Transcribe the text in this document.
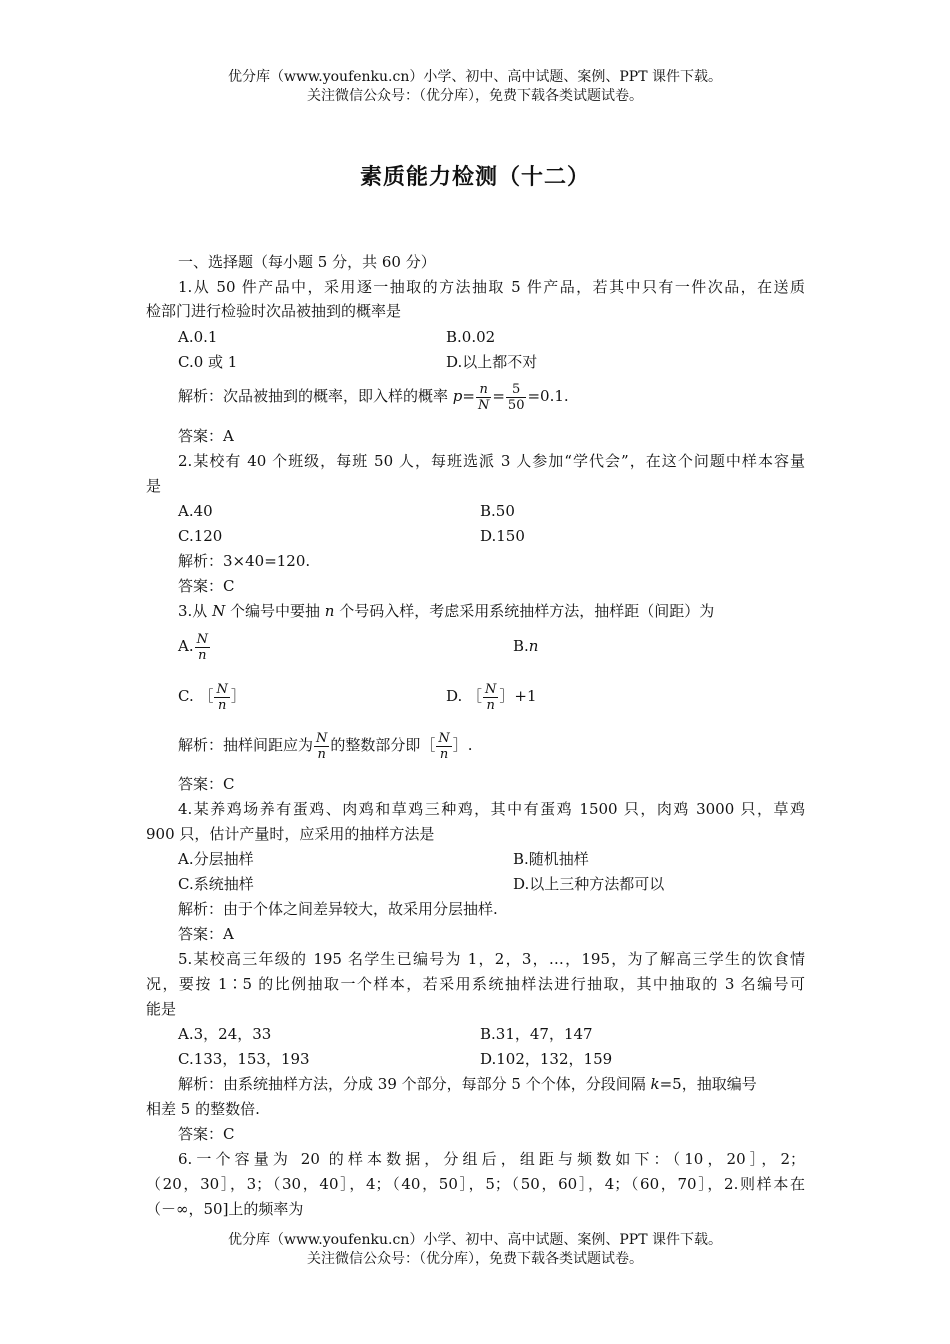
优分库（www.youfenku.cn）小学、初中、高中试题、案例、PPT 课件下载。
关注微信公众号：（优分库），免费下载各类试题试卷。
素质能力检测（十二）
一、选择题（每小题 5 分，共 60 分）
1.从 50 件产品中，采用逐一抽取的方法抽取 5 件产品，若其中只有一件次品，在送质
检部门进行检验时次品被抽到的概率是
A.0.1	B.0.02
C.0 或 1	D.以上都不对
解析：次品被抽到的概率，即入样的概率 $p= \frac{n}{N} = \frac{5}{50} =0.1$.
答案：A
2.某校有 40 个班级，每班 50 人，每班选派 3 人参加“学代会”，在这个问题中样本容量
是
A.40	B.50
C.120	D.150
解析：3×40=120.
答案：C
3.从 N 个编号中要抽 n 个号码入样，考虑采用系统抽样方法，抽样距（间距）为
A. $\frac{N}{n}$	B.n
C. ［ $\frac{N}{n}$ ］	D. ［ $\frac{N}{n}$ ］+1
解析：抽样间距应为 $\frac{N}{n}$ 的整数部分即［ $\frac{N}{n}$ ］.
答案：C
4.某养鸡场养有蛋鸡、肉鸡和草鸡三种鸡，其中有蛋鸡 1500 只，肉鸡 3000 只，草鸡
900 只，估计产量时，应采用的抽样方法是
A.分层抽样	B.随机抽样
C.系统抽样	D.以上三种方法都可以
解析：由于个体之间差异较大，故采用分层抽样.
答案：A
5.某校高三年级的 195 名学生已编号为 1，2，3，…，195，为了解高三学生的饮食情
况，要按 1∶5 的比例抽取一个样本，若采用系统抽样法进行抽取，其中抽取的 3 名编号可
能是
A.3，24，33	B.31，47，147
C.133，153，193	D.102，132，159
解析：由系统抽样方法，分成 39 个部分，每部分 5 个个体，分段间隔 k=5，抽取编号
相差 5 的整数倍.
答案：C
6.一个容量为 20 的样本数据，分组后，组距与频数如下：（10，20］，2；
（20，30］，3；（30，40］，4；（40，50］，5；（50，60］，4；（60，70］，2.则样本在
（－∞，50]上的频率为
优分库（www.youfenku.cn）小学、初中、高中试题、案例、PPT 课件下载。
关注微信公众号：（优分库），免费下载各类试题试卷。
